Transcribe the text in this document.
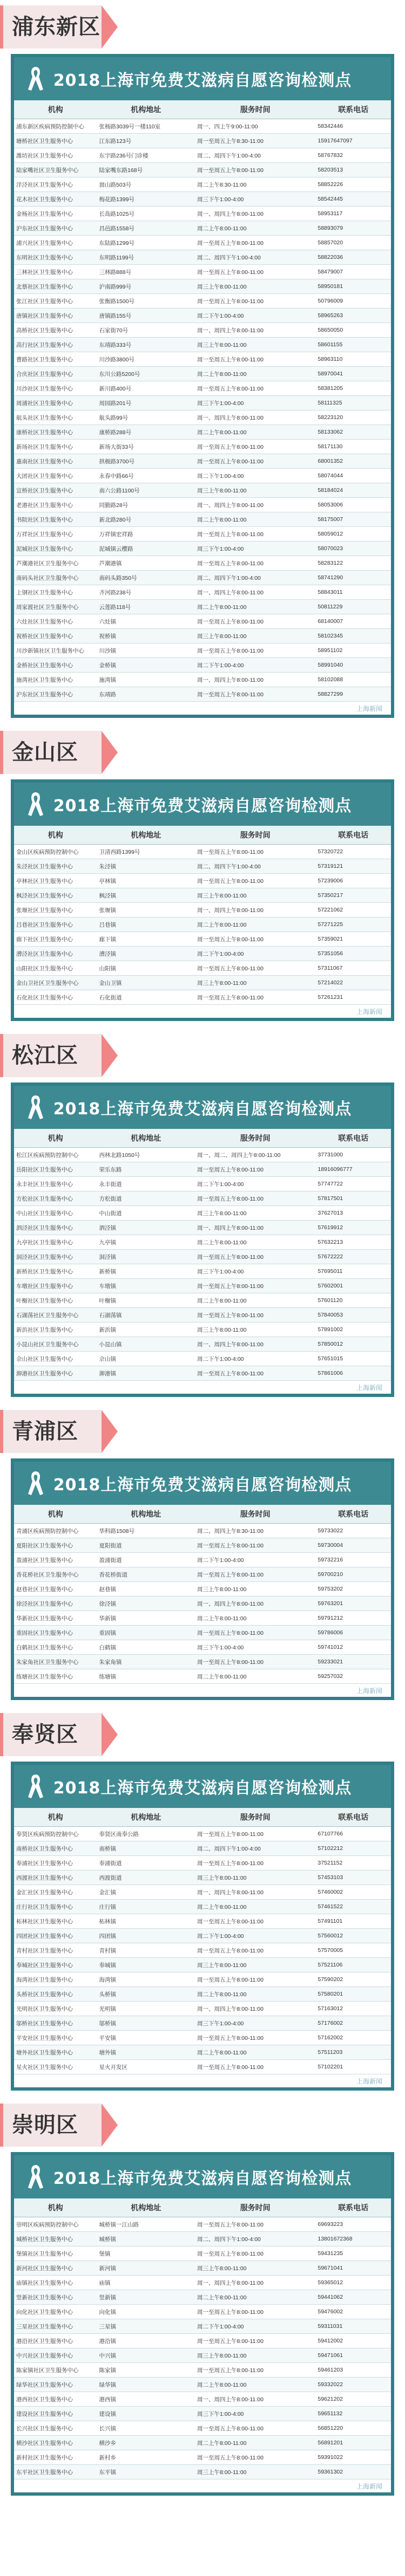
浦东新区
2018上海市免费艾滋病自愿咨询检测点
机构	机构地址	服务时间	联系电话
浦东新区疾病预防控制中心	张杨路3039号一楼110室	周一、四上午9:00-11:00	58342446
塘桥社区卫生服务中心	江东路123号	周一至周五上午8:30-11:00	15917647097
潍坊社区卫生服务中心	东宇路236号门诊楼	周二、周四下午1:00-4:00	58767832
陆家嘴社区卫生服务中心	陆家嘴东路168号	周一至周五上午8:00-11:00	58203513
洋泾社区卫生服务中心	崮山路503号	周二上午8:30-11:00	58852226
花木社区卫生服务中心	梅花路1399号	周三下午1:00-4:00	58542445
金杨社区卫生服务中心	长岛路1025号	周一、周四上午8:00-11:00	58953117
沪东社区卫生服务中心	昌邑路1558号	周二上午8:00-11:00	58893079
浦兴社区卫生服务中心	东陆路1299号	周一至周五上午8:00-11:00	58857020
东明社区卫生服务中心	东明路1199号	周二、周四下午1:00-4:00	58822036
三林社区卫生服务中心	三林路888号	周一至周五上午8:00-11:00	58479007
北蔡社区卫生服务中心	沪南路999号	周三上午8:00-11:00	58950181
张江社区卫生服务中心	张衡路1500号	周一至周五上午8:00-11:00	50796009
唐镇社区卫生服务中心	唐镇路155号	周二下午1:00-4:00	58965263
高桥社区卫生服务中心	石家街70号	周一、周四上午8:00-11:00	58650050
高行社区卫生服务中心	东靖路333号	周三上午8:00-11:00	58601155
曹路社区卫生服务中心	川沙路3800号	周一至周五上午8:00-11:00	58963110
合庆社区卫生服务中心	东川公路5200号	周二上午8:00-11:00	58970041
川沙社区卫生服务中心	新川路400号	周一至周五上午8:00-11:00	58381205
周浦社区卫生服务中心	周园路201号	周三下午1:00-4:00	58111325
航头社区卫生服务中心	航头路99号	周一、周四上午8:00-11:00	58223120
康桥社区卫生服务中心	康桥路288号	周二上午8:00-11:00	58133062
新场社区卫生服务中心	新场大街33号	周一至周五上午8:00-11:00	58171130
惠南社区卫生服务中心	拱极路3700号	周一至周五上午8:00-11:00	68001352
大团社区卫生服务中心	永春中路66号	周二下午1:00-4:00	58074044
宣桥社区卫生服务中心	南六公路1100号	周三上午8:00-11:00	58184024
老港社区卫生服务中心	同勤路28号	周一、周四上午8:00-11:00	58053006
书院社区卫生服务中心	新北路280号	周二上午8:00-11:00	58175007
万祥社区卫生服务中心	万祥镇宏祥路	周一至周五上午8:00-11:00	58059012
泥城社区卫生服务中心	泥城镇云樱路	周三下午1:00-4:00	58070023
芦潮港社区卫生服务中心	芦潮港镇	周一至周五上午8:00-11:00	58283122
南码头社区卫生服务中心	南码头路350号	周二、周四下午1:00-4:00	58741290
上钢社区卫生服务中心	齐河路238号	周一、周四上午8:00-11:00	58843011
周家渡社区卫生服务中心	云莲路118号	周二上午8:00-11:00	50811229
六灶社区卫生服务中心	六灶镇	周一至周五上午8:00-11:00	68140007
祝桥社区卫生服务中心	祝桥镇	周三上午8:00-11:00	58102345
川沙新镇社区卫生服务中心	川沙镇	周一至周五上午8:00-11:00	58951102
金桥社区卫生服务中心	金桥镇	周二下午1:00-4:00	58991040
施湾社区卫生服务中心	施湾镇	周一、周四上午8:00-11:00	58102088
沪东社区卫生服务中心	东靖路	周一至周五上午8:00-11:00	58827299
上海新闻
金山区
2018上海市免费艾滋病自愿咨询检测点
机构	机构地址	服务时间	联系电话
金山区疾病预防控制中心	卫清西路1399号	周一至周五上午8:00-11:00	57320722
朱泾社区卫生服务中心	朱泾镇	周二、周四下午1:00-4:00	57319121
亭林社区卫生服务中心	亭林镇	周一至周五上午8:00-11:00	57239006
枫泾社区卫生服务中心	枫泾镇	周三上午8:00-11:00	57350217
张堰社区卫生服务中心	张堰镇	周一、周四上午8:00-11:00	57221062
吕巷社区卫生服务中心	吕巷镇	周二上午8:00-11:00	57271225
廊下社区卫生服务中心	廊下镇	周一至周五上午8:00-11:00	57359021
漕泾社区卫生服务中心	漕泾镇	周二下午1:00-4:00	57351056
山阳社区卫生服务中心	山阳镇	周一至周五上午8:00-11:00	57311067
金山卫社区卫生服务中心	金山卫镇	周三上午8:00-11:00	57214022
石化社区卫生服务中心	石化街道	周一至周五上午8:00-11:00	57261231
上海新闻
松江区
2018上海市免费艾滋病自愿咨询检测点
机构	机构地址	服务时间	联系电话
松江区疾病预防控制中心	西林北路1050号	周一、周二、周四上午8:00-11:00	37731000
岳阳社区卫生服务中心	荣乐东路	周一至周五上午8:00-11:00	18916096777
永丰社区卫生服务中心	永丰街道	周二下午1:00-4:00	57747722
方松社区卫生服务中心	方松街道	周一至周五上午8:00-11:00	57817501
中山社区卫生服务中心	中山街道	周三上午8:00-11:00	37627013
泗泾社区卫生服务中心	泗泾镇	周一、周四上午8:00-11:00	57619912
九亭社区卫生服务中心	九亭镇	周二上午8:00-11:00	57632213
洞泾社区卫生服务中心	洞泾镇	周一至周五上午8:00-11:00	57672222
新桥社区卫生服务中心	新桥镇	周三下午1:00-4:00	57695011
车墩社区卫生服务中心	车墩镇	周一至周五上午8:00-11:00	57602001
叶榭社区卫生服务中心	叶榭镇	周二上午8:00-11:00	57601120
石湖荡社区卫生服务中心	石湖荡镇	周一至周五上午8:00-11:00	57840053
新浜社区卫生服务中心	新浜镇	周三上午8:00-11:00	57891002
小昆山社区卫生服务中心	小昆山镇	周一、周四上午8:00-11:00	57850012
佘山社区卫生服务中心	佘山镇	周二下午1:00-4:00	57651015
泖港社区卫生服务中心	泖港镇	周一至周五上午8:00-11:00	57861006
上海新闻
青浦区
2018上海市免费艾滋病自愿咨询检测点
机构	机构地址	服务时间	联系电话
青浦区疾病预防控制中心	华科路1508号	周二、周四上午8:30-11:00	59733022
夏阳社区卫生服务中心	夏阳街道	周一至周五上午8:00-11:00	59730004
盈浦社区卫生服务中心	盈浦街道	周二下午1:00-4:00	59732216
香花桥社区卫生服务中心	香花桥街道	周一至周五上午8:00-11:00	59700210
赵巷社区卫生服务中心	赵巷镇	周三上午8:00-11:00	59753202
徐泾社区卫生服务中心	徐泾镇	周一、周四上午8:00-11:00	59763201
华新社区卫生服务中心	华新镇	周二上午8:00-11:00	59791212
重固社区卫生服务中心	重固镇	周一至周五上午8:00-11:00	59786006
白鹤社区卫生服务中心	白鹤镇	周三下午1:00-4:00	59741012
朱家角社区卫生服务中心	朱家角镇	周一至周五上午8:00-11:00	59233021
练塘社区卫生服务中心	练塘镇	周二上午8:00-11:00	59257032
上海新闻
奉贤区
2018上海市免费艾滋病自愿咨询检测点
机构	机构地址	服务时间	联系电话
奉贤区疾病预防控制中心	奉贤区南奉公路	周一至周五上午8:00-11:00	67107766
南桥社区卫生服务中心	南桥镇	周二、周四下午1:00-4:00	57102212
奉浦社区卫生服务中心	奉浦街道	周一至周五上午8:00-11:00	37521152
西渡社区卫生服务中心	西渡街道	周三上午8:00-11:00	57453103
金汇社区卫生服务中心	金汇镇	周一、周四上午8:00-11:00	57460002
庄行社区卫生服务中心	庄行镇	周二上午8:00-11:00	57461522
柘林社区卫生服务中心	柘林镇	周一至周五上午8:00-11:00	57491101
四团社区卫生服务中心	四团镇	周二下午1:00-4:00	57560012
青村社区卫生服务中心	青村镇	周一至周五上午8:00-11:00	57570005
奉城社区卫生服务中心	奉城镇	周三上午8:00-11:00	57521106
海湾社区卫生服务中心	海湾镇	周一至周五上午8:00-11:00	57590202
头桥社区卫生服务中心	头桥镇	周二上午8:00-11:00	57580201
光明社区卫生服务中心	光明镇	周一、周四上午8:00-11:00	57163012
邬桥社区卫生服务中心	邬桥镇	周三下午1:00-4:00	57176002
平安社区卫生服务中心	平安镇	周一至周五上午8:00-11:00	57162002
塘外社区卫生服务中心	塘外镇	周二上午8:00-11:00	57511203
星火社区卫生服务中心	星火开发区	周一至周五上午8:00-11:00	57102201
上海新闻
崇明区
2018上海市免费艾滋病自愿咨询检测点
机构	机构地址	服务时间	联系电话
崇明区疾病预防控制中心	城桥镇一江山路	周一至周五上午8:00-11:00	69693223
城桥社区卫生服务中心	城桥镇	周二、周四下午1:00-4:00	13801672368
堡镇社区卫生服务中心	堡镇	周一至周五上午8:00-11:00	59431235
新河社区卫生服务中心	新河镇	周三上午8:00-11:00	59671041
庙镇社区卫生服务中心	庙镇	周一、周四上午8:00-11:00	59365012
竖新社区卫生服务中心	竖新镇	周二上午8:00-11:00	59441062
向化社区卫生服务中心	向化镇	周一至周五上午8:00-11:00	59476002
三星社区卫生服务中心	三星镇	周二下午1:00-4:00	59311031
港沿社区卫生服务中心	港沿镇	周一至周五上午8:00-11:00	59412002
中兴社区卫生服务中心	中兴镇	周三上午8:00-11:00	59471061
陈家镇社区卫生服务中心	陈家镇	周一至周五上午8:00-11:00	59461203
绿华社区卫生服务中心	绿华镇	周二上午8:00-11:00	59332022
港西社区卫生服务中心	港西镇	周一、周四上午8:00-11:00	59621202
建设社区卫生服务中心	建设镇	周三下午1:00-4:00	59651132
长兴社区卫生服务中心	长兴镇	周一至周五上午8:00-11:00	56851220
横沙社区卫生服务中心	横沙乡	周二上午8:00-11:00	56891201
新村社区卫生服务中心	新村乡	周一至周五上午8:00-11:00	59391022
东平社区卫生服务中心	东平镇	周三上午8:00-11:00	59361302
上海新闻
